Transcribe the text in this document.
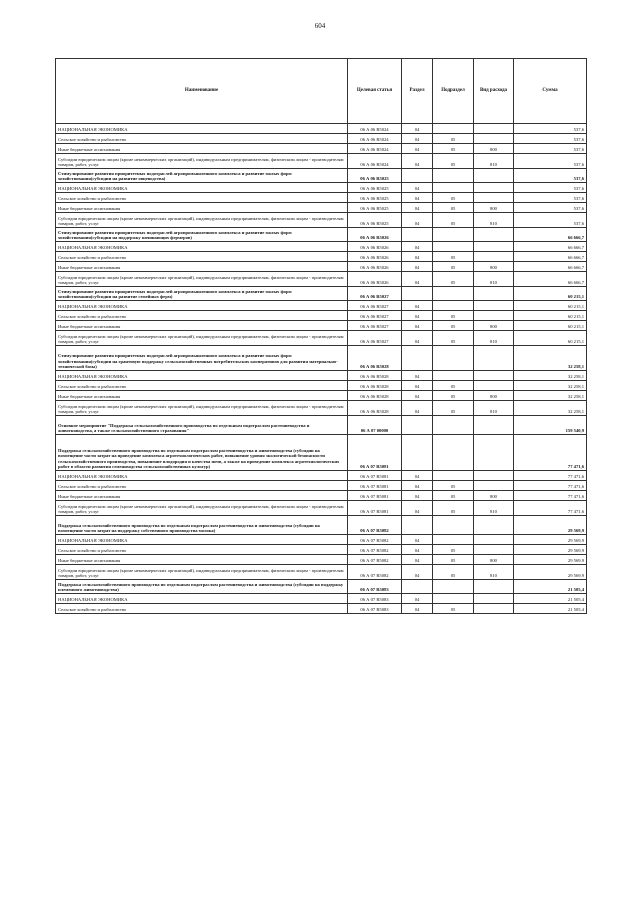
604
Наименование	Целевая статья	Раздел	Подраздел	Вид расхода	Сумма
НАЦИОНАЛЬНАЯ ЭКОНОМИКА	06 А 06 R5024	04			537,6
Сельское хозяйство и рыболовство	06 А 06 R5024	04	05		537,6
Иные бюджетные ассигнования	06 А 06 R5024	04	05	800	537,6
Субсидии юридическим лицам (кроме некоммерческих организаций), индивидуальным предпринимателям, физическим лицам - производителям товаров, работ, услуг	06 А 06 R5024	04	05	810	537,6
Стимулирование развития приоритетных подотраслей агропромышленного комплекса и развитие малых форм хозяйствования(субсидии на развитие овцеводства)	06 А 06 R5025				537,6
НАЦИОНАЛЬНАЯ ЭКОНОМИКА	06 А 06 R5025	04			537,6
Сельское хозяйство и рыболовство	06 А 06 R5025	04	05		537,6
Иные бюджетные ассигнования	06 А 06 R5025	04	05	800	537,6
Субсидии юридическим лицам (кроме некоммерческих организаций), индивидуальным предпринимателям, физическим лицам - производителям товаров, работ, услуг	06 А 06 R5025	04	05	810	537,6
Стимулирование развития приоритетных подотраслей агропромышленного комплекса и развитие малых форм хозяйствования(субсидии на поддержку начинающих фермеров)	06 А 06 R5026				66 666,7
НАЦИОНАЛЬНАЯ ЭКОНОМИКА	06 А 06 R5026	04			66 666,7
Сельское хозяйство и рыболовство	06 А 06 R5026	04	05		66 666,7
Иные бюджетные ассигнования	06 А 06 R5026	04	05	800	66 666,7
Субсидии юридическим лицам (кроме некоммерческих организаций), индивидуальным предпринимателям, физическим лицам - производителям товаров, работ, услуг	06 А 06 R5026	04	05	810	66 666,7
Стимулирование развития приоритетных подотраслей агропромышленного комплекса и развитие малых форм хозяйствования(субсидии на развитие семейных ферм)	06 А 06 R5027				60 215,1
НАЦИОНАЛЬНАЯ ЭКОНОМИКА	06 А 06 R5027	04			60 215,1
Сельское хозяйство и рыболовство	06 А 06 R5027	04	05		60 215,1
Иные бюджетные ассигнования	06 А 06 R5027	04	05	800	60 215,1
Субсидии юридическим лицам (кроме некоммерческих организаций), индивидуальным предпринимателям, физическим лицам - производителям товаров, работ, услуг	06 А 06 R5027	04	05	810	60 215,1
Стимулирование развития приоритетных подотраслей агропромышленного комплекса и развитие малых форм хозяйствования(субсидии на грантовую поддержку сельскохозяйственных потребительских кооперативов для развития материально-технической базы)	06 А 06 R5028				32 258,1
НАЦИОНАЛЬНАЯ ЭКОНОМИКА	06 А 06 R5028	04			32 258,1
Сельское хозяйство и рыболовство	06 А 06 R5028	04	05		32 258,1
Иные бюджетные ассигнования	06 А 06 R5028	04	05	800	32 258,1
Субсидии юридическим лицам (кроме некоммерческих организаций), индивидуальным предпринимателям, физическим лицам - производителям товаров, работ, услуг	06 А 06 R5028	04	05	810	32 258,1
Основное мероприятие "Поддержка сельскохозяйственного производства по отдельным подотраслям растениеводства и животноводства, а также сельскохозяйственного страхования"	06 А 07 00000				159 540,9
Поддержка сельскохозяйственного производства по отдельным подотраслям растениеводства и животноводства (субсидии на возмещение части затрат на проведение комплекса агротехнологических работ, повышение уровня экологической безопасности сельскохозяйственного производства, повышение плодородия и качества почв, а также на проведение комплекса агротехнологических работ в области развития семеноводства сельскохозяйственных культур)	06 А 07 R5081				77 471,6
НАЦИОНАЛЬНАЯ ЭКОНОМИКА	06 А 07 R5081	04			77 471,6
Сельское хозяйство и рыболовство	06 А 07 R5081	04	05		77 471,6
Иные бюджетные ассигнования	06 А 07 R5081	04	05	800	77 471,6
Субсидии юридическим лицам (кроме некоммерческих организаций), индивидуальным предпринимателям, физическим лицам - производителям товаров, работ, услуг	06 А 07 R5081	04	05	810	77 471,6
Поддержка сельскохозяйственного производства по отдельным подотраслям растениеводства и животноводства (субсидии на возмещение части затрат на поддержку собственного производства молока)	06 А 07 R5082				29 569,9
НАЦИОНАЛЬНАЯ ЭКОНОМИКА	06 А 07 R5082	04			29 569,9
Сельское хозяйство и рыболовство	06 А 07 R5082	04	05		29 569,9
Иные бюджетные ассигнования	06 А 07 R5082	04	05	800	29 569,9
Субсидии юридическим лицам (кроме некоммерческих организаций), индивидуальным предпринимателям, физическим лицам - производителям товаров, работ, услуг	06 А 07 R5082	04	05	810	29 569,9
Поддержка сельскохозяйственного производства по отдельным подотраслям растениеводства и животноводства (субсидии на поддержку племенного животноводства)	06 А 07 R5083				21 505,4
НАЦИОНАЛЬНАЯ ЭКОНОМИКА	06 А 07 R5083	04			21 505,4
Сельское хозяйство и рыболовство	06 А 07 R5083	04	05		21 505,4
